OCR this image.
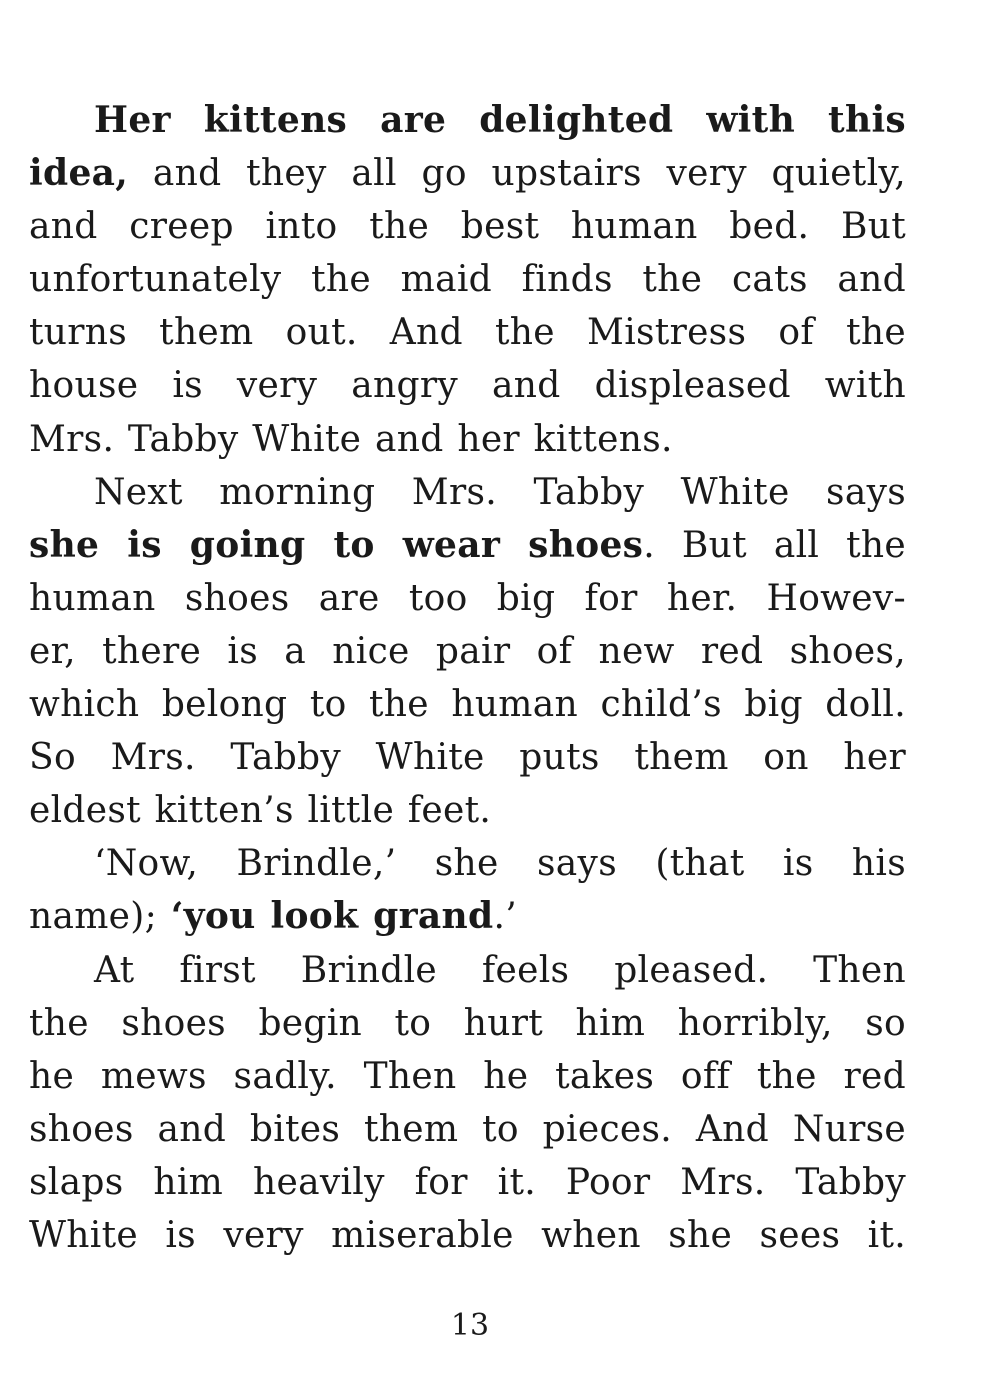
Her kittens are delighted with this
idea, and they all go upstairs very quietly,
and creep into the best human bed. But
unfortunately the maid finds the cats and
turns them out. And the Mistress of the
house is very angry and displeased with
Mrs. Tabby White and her kittens.
Next morning Mrs. Tabby White says
she is going to wear shoes. But all the
human shoes are too big for her. Howev-
er, there is a nice pair of new red shoes,
which belong to the human child’s big doll.
So Mrs. Tabby White puts them on her
eldest kitten’s little feet.
‘Now, Brindle,’ she says (that is his
name); ‘you look grand.’
At first Brindle feels pleased. Then
the shoes begin to hurt him horribly, so
he mews sadly. Then he takes off the red
shoes and bites them to pieces. And Nurse
slaps him heavily for it. Poor Mrs. Tabby
White is very miserable when she sees it.
13
